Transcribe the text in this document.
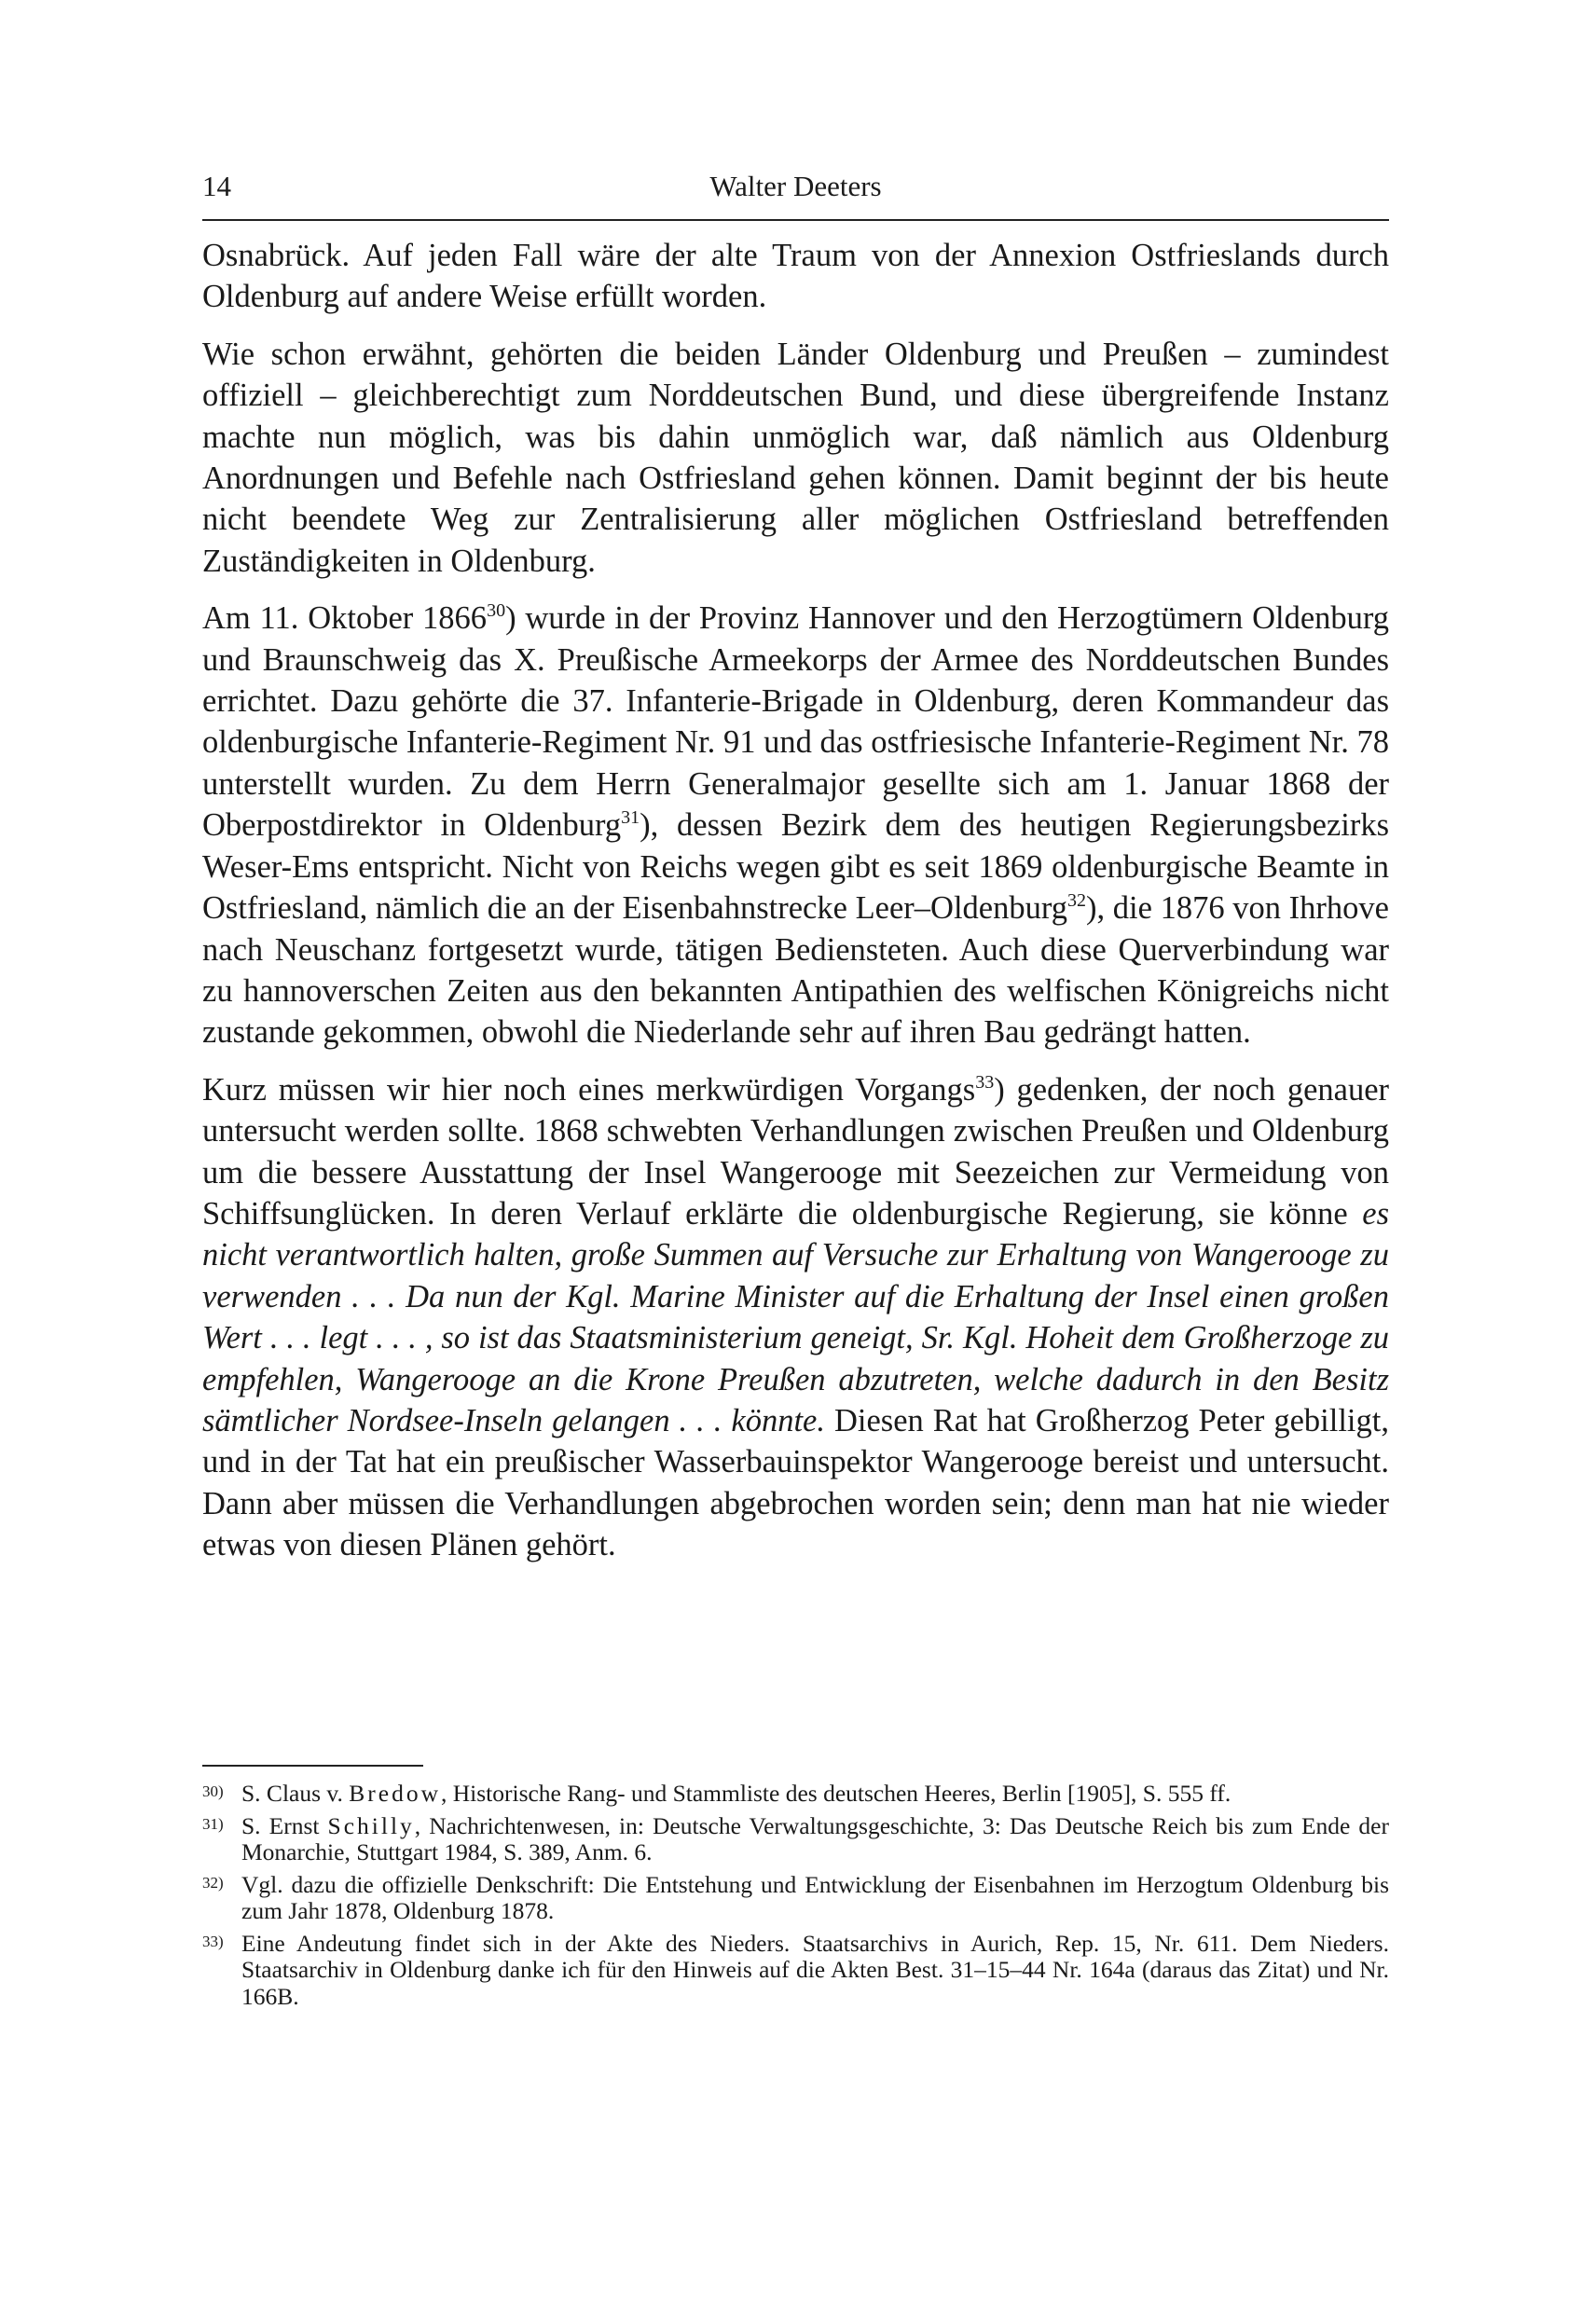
14	Walter Deeters

Osnabrück. Auf jeden Fall wäre der alte Traum von der Annexion Ostfrieslands durch Oldenburg auf andere Weise erfüllt worden.

Wie schon erwähnt, gehörten die beiden Länder Oldenburg und Preußen – zumindest offiziell – gleichberechtigt zum Norddeutschen Bund, und diese übergreifende Instanz machte nun möglich, was bis dahin unmöglich war, daß nämlich aus Oldenburg Anordnungen und Befehle nach Ostfriesland gehen können. Damit beginnt der bis heute nicht beendete Weg zur Zentralisierung aller möglichen Ostfriesland betreffenden Zuständigkeiten in Oldenburg.

Am 11. Oktober 1866$^{30}$) wurde in der Provinz Hannover und den Herzogtümern Oldenburg und Braunschweig das X. Preußische Armeekorps der Armee des Norddeutschen Bundes errichtet. Dazu gehörte die 37. Infanterie-Brigade in Oldenburg, deren Kommandeur das oldenburgische Infanterie-Regiment Nr. 91 und das ostfriesische Infanterie-Regiment Nr. 78 unterstellt wurden. Zu dem Herrn Generalmajor gesellte sich am 1. Januar 1868 der Oberpostdirektor in Oldenburg$^{31}$), dessen Bezirk dem des heutigen Regierungsbezirks Weser-Ems entspricht. Nicht von Reichs wegen gibt es seit 1869 oldenburgische Beamte in Ostfriesland, nämlich die an der Eisenbahnstrecke Leer–Oldenburg$^{32}$), die 1876 von Ihrhove nach Neuschanz fortgesetzt wurde, tätigen Bediensteten. Auch diese Querverbindung war zu hannoverschen Zeiten aus den bekannten Antipathien des welfischen Königreichs nicht zustande gekommen, obwohl die Niederlande sehr auf ihren Bau gedrängt hatten.

Kurz müssen wir hier noch eines merkwürdigen Vorgangs$^{33}$) gedenken, der noch genauer untersucht werden sollte. 1868 schwebten Verhandlungen zwischen Preußen und Oldenburg um die bessere Ausstattung der Insel Wangerooge mit Seezeichen zur Vermeidung von Schiffsunglücken. In deren Verlauf erklärte die oldenburgische Regierung, sie könne es nicht verantwortlich halten, große Summen auf Versuche zur Erhaltung von Wangerooge zu verwenden . . . Da nun der Kgl. Marine Minister auf die Erhaltung der Insel einen großen Wert . . . legt . . . , so ist das Staatsministerium geneigt, Sr. Kgl. Hoheit dem Großherzoge zu empfehlen, Wangerooge an die Krone Preußen abzutreten, welche dadurch in den Besitz sämtlicher Nordsee-Inseln gelangen . . . könnte. Diesen Rat hat Großherzog Peter gebilligt, und in der Tat hat ein preußischer Wasserbauinspektor Wangerooge bereist und untersucht. Dann aber müssen die Verhandlungen abgebrochen worden sein; denn man hat nie wieder etwas von diesen Plänen gehört.

30) S. Claus v. Bredow, Historische Rang- und Stammliste des deutschen Heeres, Berlin [1905], S. 555 ff.
31) S. Ernst Schilly, Nachrichtenwesen, in: Deutsche Verwaltungsgeschichte, 3: Das Deutsche Reich bis zum Ende der Monarchie, Stuttgart 1984, S. 389, Anm. 6.
32) Vgl. dazu die offizielle Denkschrift: Die Entstehung und Entwicklung der Eisenbahnen im Herzogtum Oldenburg bis zum Jahr 1878, Oldenburg 1878.
33) Eine Andeutung findet sich in der Akte des Nieders. Staatsarchivs in Aurich, Rep. 15, Nr. 611. Dem Nieders. Staatsarchiv in Oldenburg danke ich für den Hinweis auf die Akten Best. 31–15–44 Nr. 164a (daraus das Zitat) und Nr. 166B.
